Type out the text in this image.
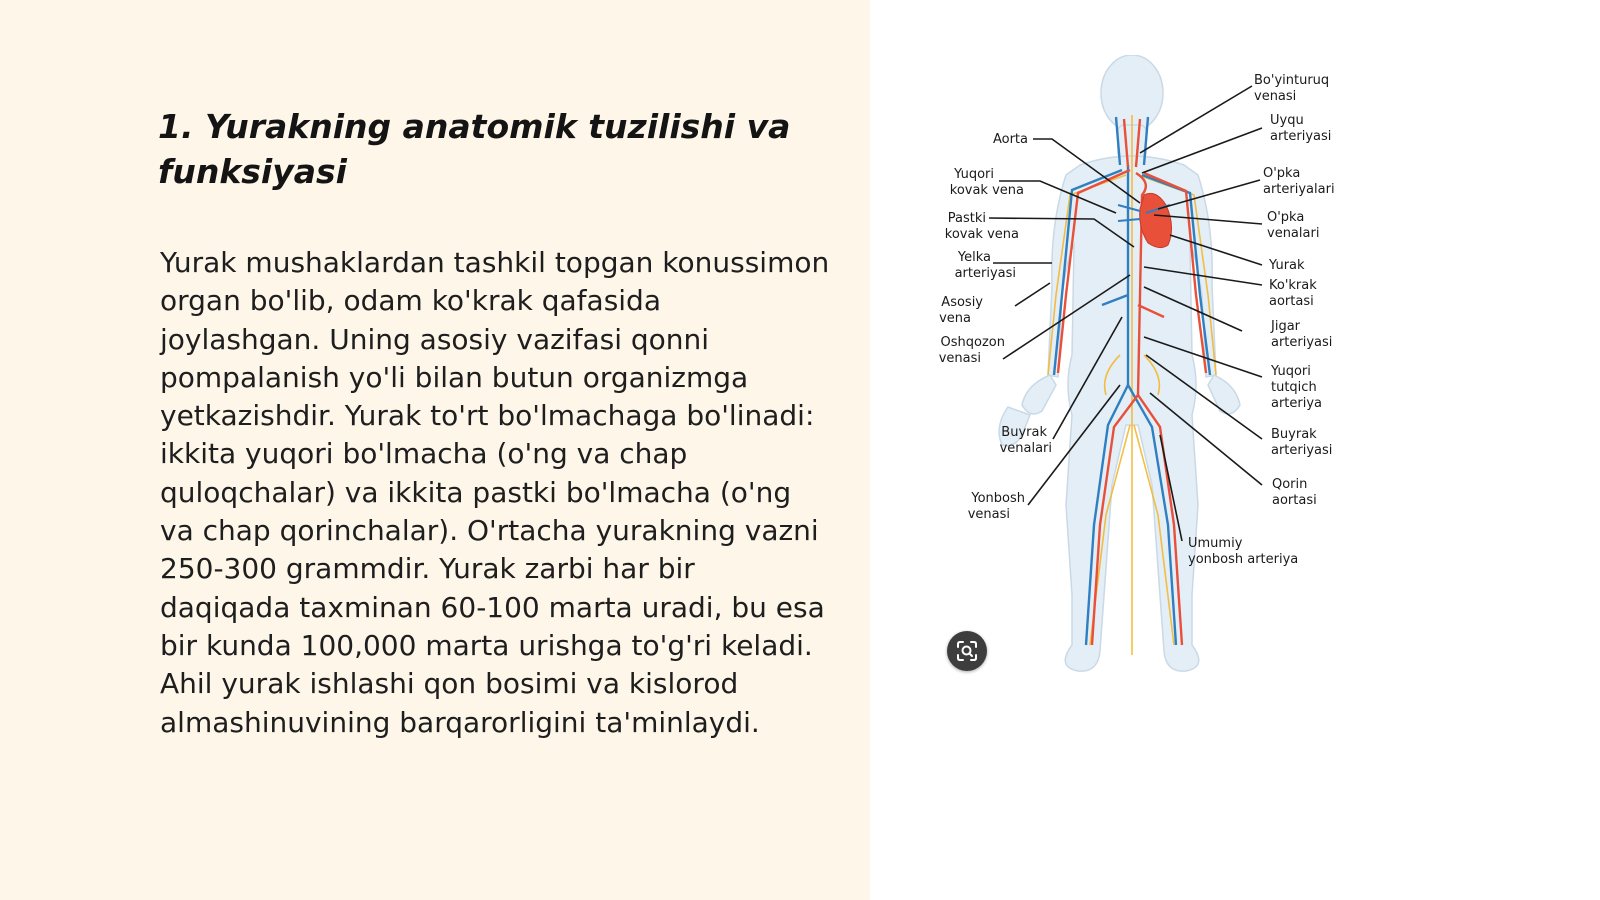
1. Yurakning anatomik tuzilishi va funksiyasi

Yurak mushaklardan tashkil topgan konussimon organ bo'lib, odam ko'krak qafasida joylashgan. Uning asosiy vazifasi qonni pompalanish yo'li bilan butun organizmga yetkazishdir. Yurak to'rt bo'lmachaga bo'linadi: ikkita yuqori bo'lmacha (o'ng va chap quloqchalar) va ikkita pastki bo'lmacha (o'ng va chap qorinchalar). O'rtacha yurakning vazni 250-300 grammdir. Yurak zarbi har bir daqiqada taxminan 60-100 marta uradi, bu esa bir kunda 100,000 marta urishga to'g'ri keladi. Ahil yurak ishlashi qon bosimi va kislorod almashinuvining barqarorligini ta'minlaydi.

Aorta
Yuqori
kovak vena
Pastki
kovak vena
Yelka
arteriyasi
Asosiy
vena
Oshqozon
venasi
Buyrak
venalari
Yonbosh
venasi
Bo'yinturuq
venasi
Uyqu
arteriyasi
O'pka
arteriyalari
O'pka
venalari
Yurak
Ko'krak
aortasi
Jigar
arteriyasi
Yuqori
tutqich
arteriya
Buyrak
arteriyasi
Qorin
aortasi
Umumiy
yonbosh arteriya
